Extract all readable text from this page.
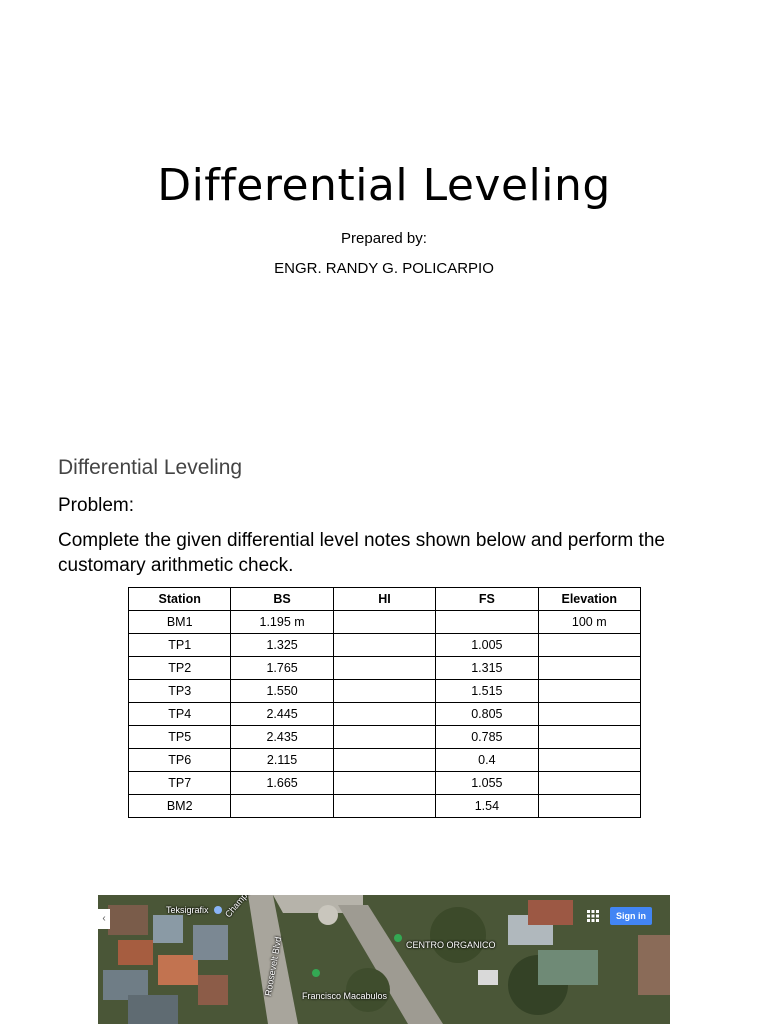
Differential Leveling
Prepared by:
ENGR. RANDY G. POLICARPIO
Differential Leveling
Problem:
Complete the given differential level notes shown below and perform the customary arithmetic check.
Station	BS	HI	FS	Elevation
BM1	1.195 m			100 m
TP1	1.325		1.005	
TP2	1.765		1.315	
TP3	1.550		1.515	
TP4	2.445		0.805	
TP5	2.435		0.785	
TP6	2.115		0.4	
TP7	1.665		1.055	
BM2			1.54	
‹
Teksigrafix
Roosevelt Blvd	CENTRO ORGANICO
Francisco Macabulos
Sign in
